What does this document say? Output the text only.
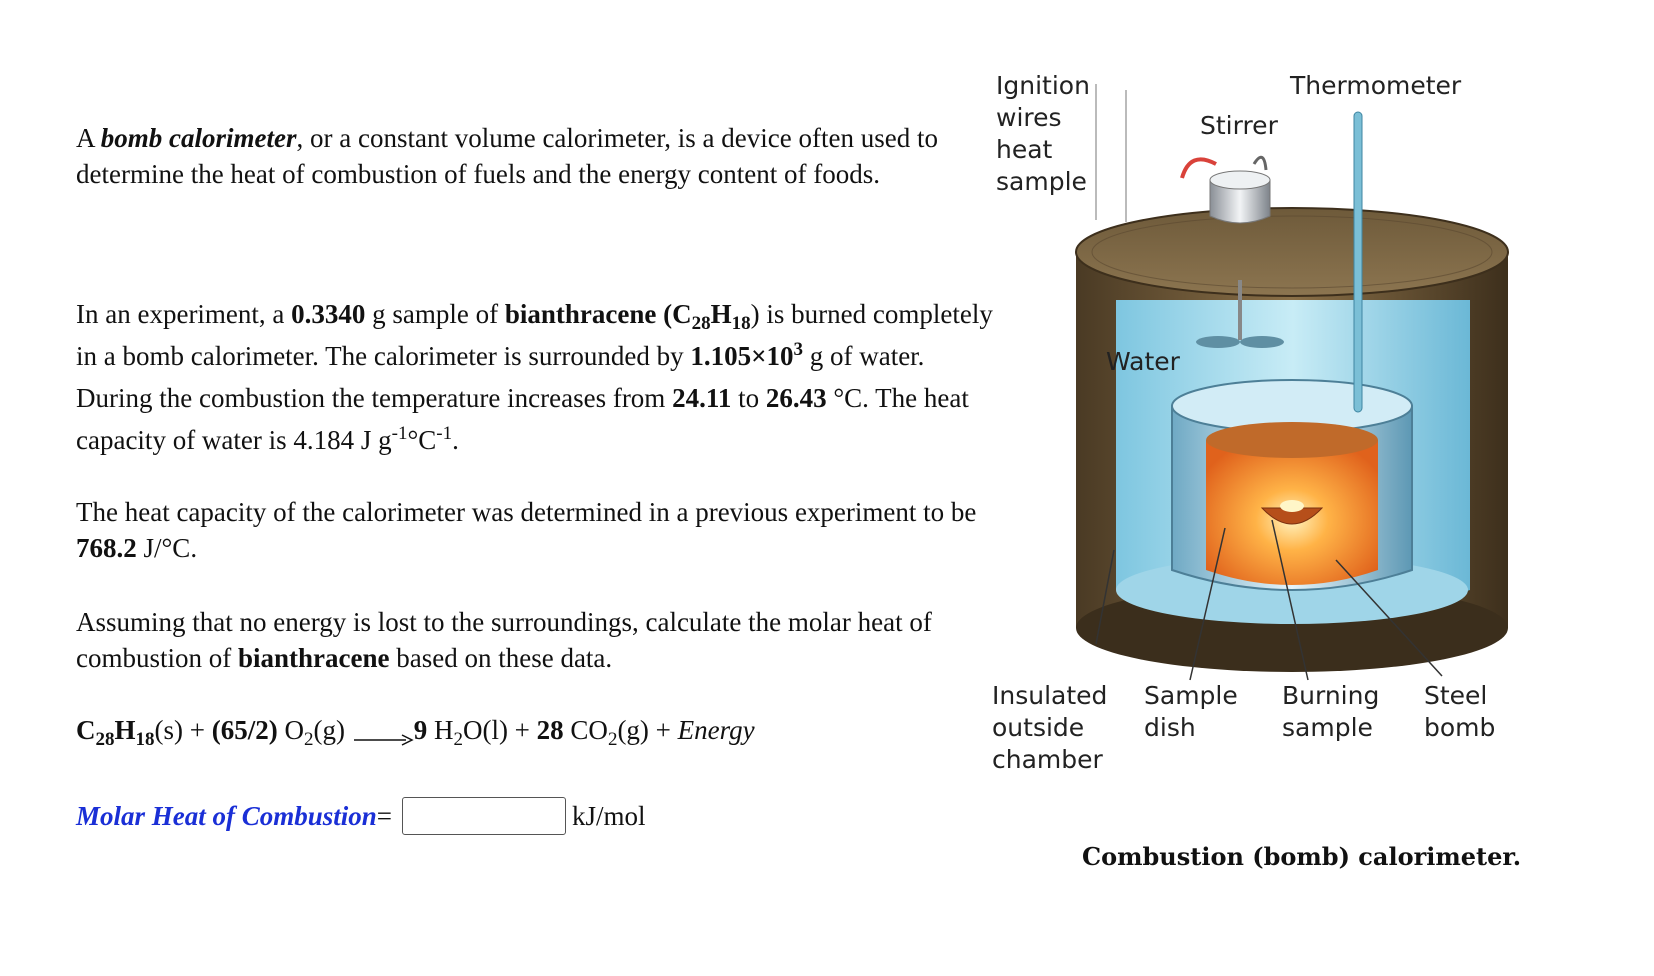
A bomb calorimeter, or a constant volume calorimeter, is a device often used to determine the heat of combustion of fuels and the energy content of foods.

In an experiment, a 0.3340 g sample of bianthracene $(C_{28}H_{18})$ is burned completely in a bomb calorimeter. The calorimeter is surrounded by $1.105\times 10^3$ g of water. During the combustion the temperature increases from 24.11 to 26.43 °C. The heat capacity of water is 4.184 J $g^{-1}^\circ C^{-1}$.

The heat capacity of the calorimeter was determined in a previous experiment to be 768.2 J/°C.

Assuming that no energy is lost to the surroundings, calculate the molar heat of combustion of bianthracene based on these data.

$C_{28}H_{18}(s) + (65/2)$ $O_2(g) \to 9$ $H_2O(l) + 28$ $CO_2(g)$ + Energy
Molar Heat of Combustion =	kJ/mol
Ignition
wires
heat
sample
Thermometer
Stirrer
Water
Insulated
outside
chamber
Sample
dish
Burning
sample
Steel
bomb
Combustion (bomb) calorimeter.
